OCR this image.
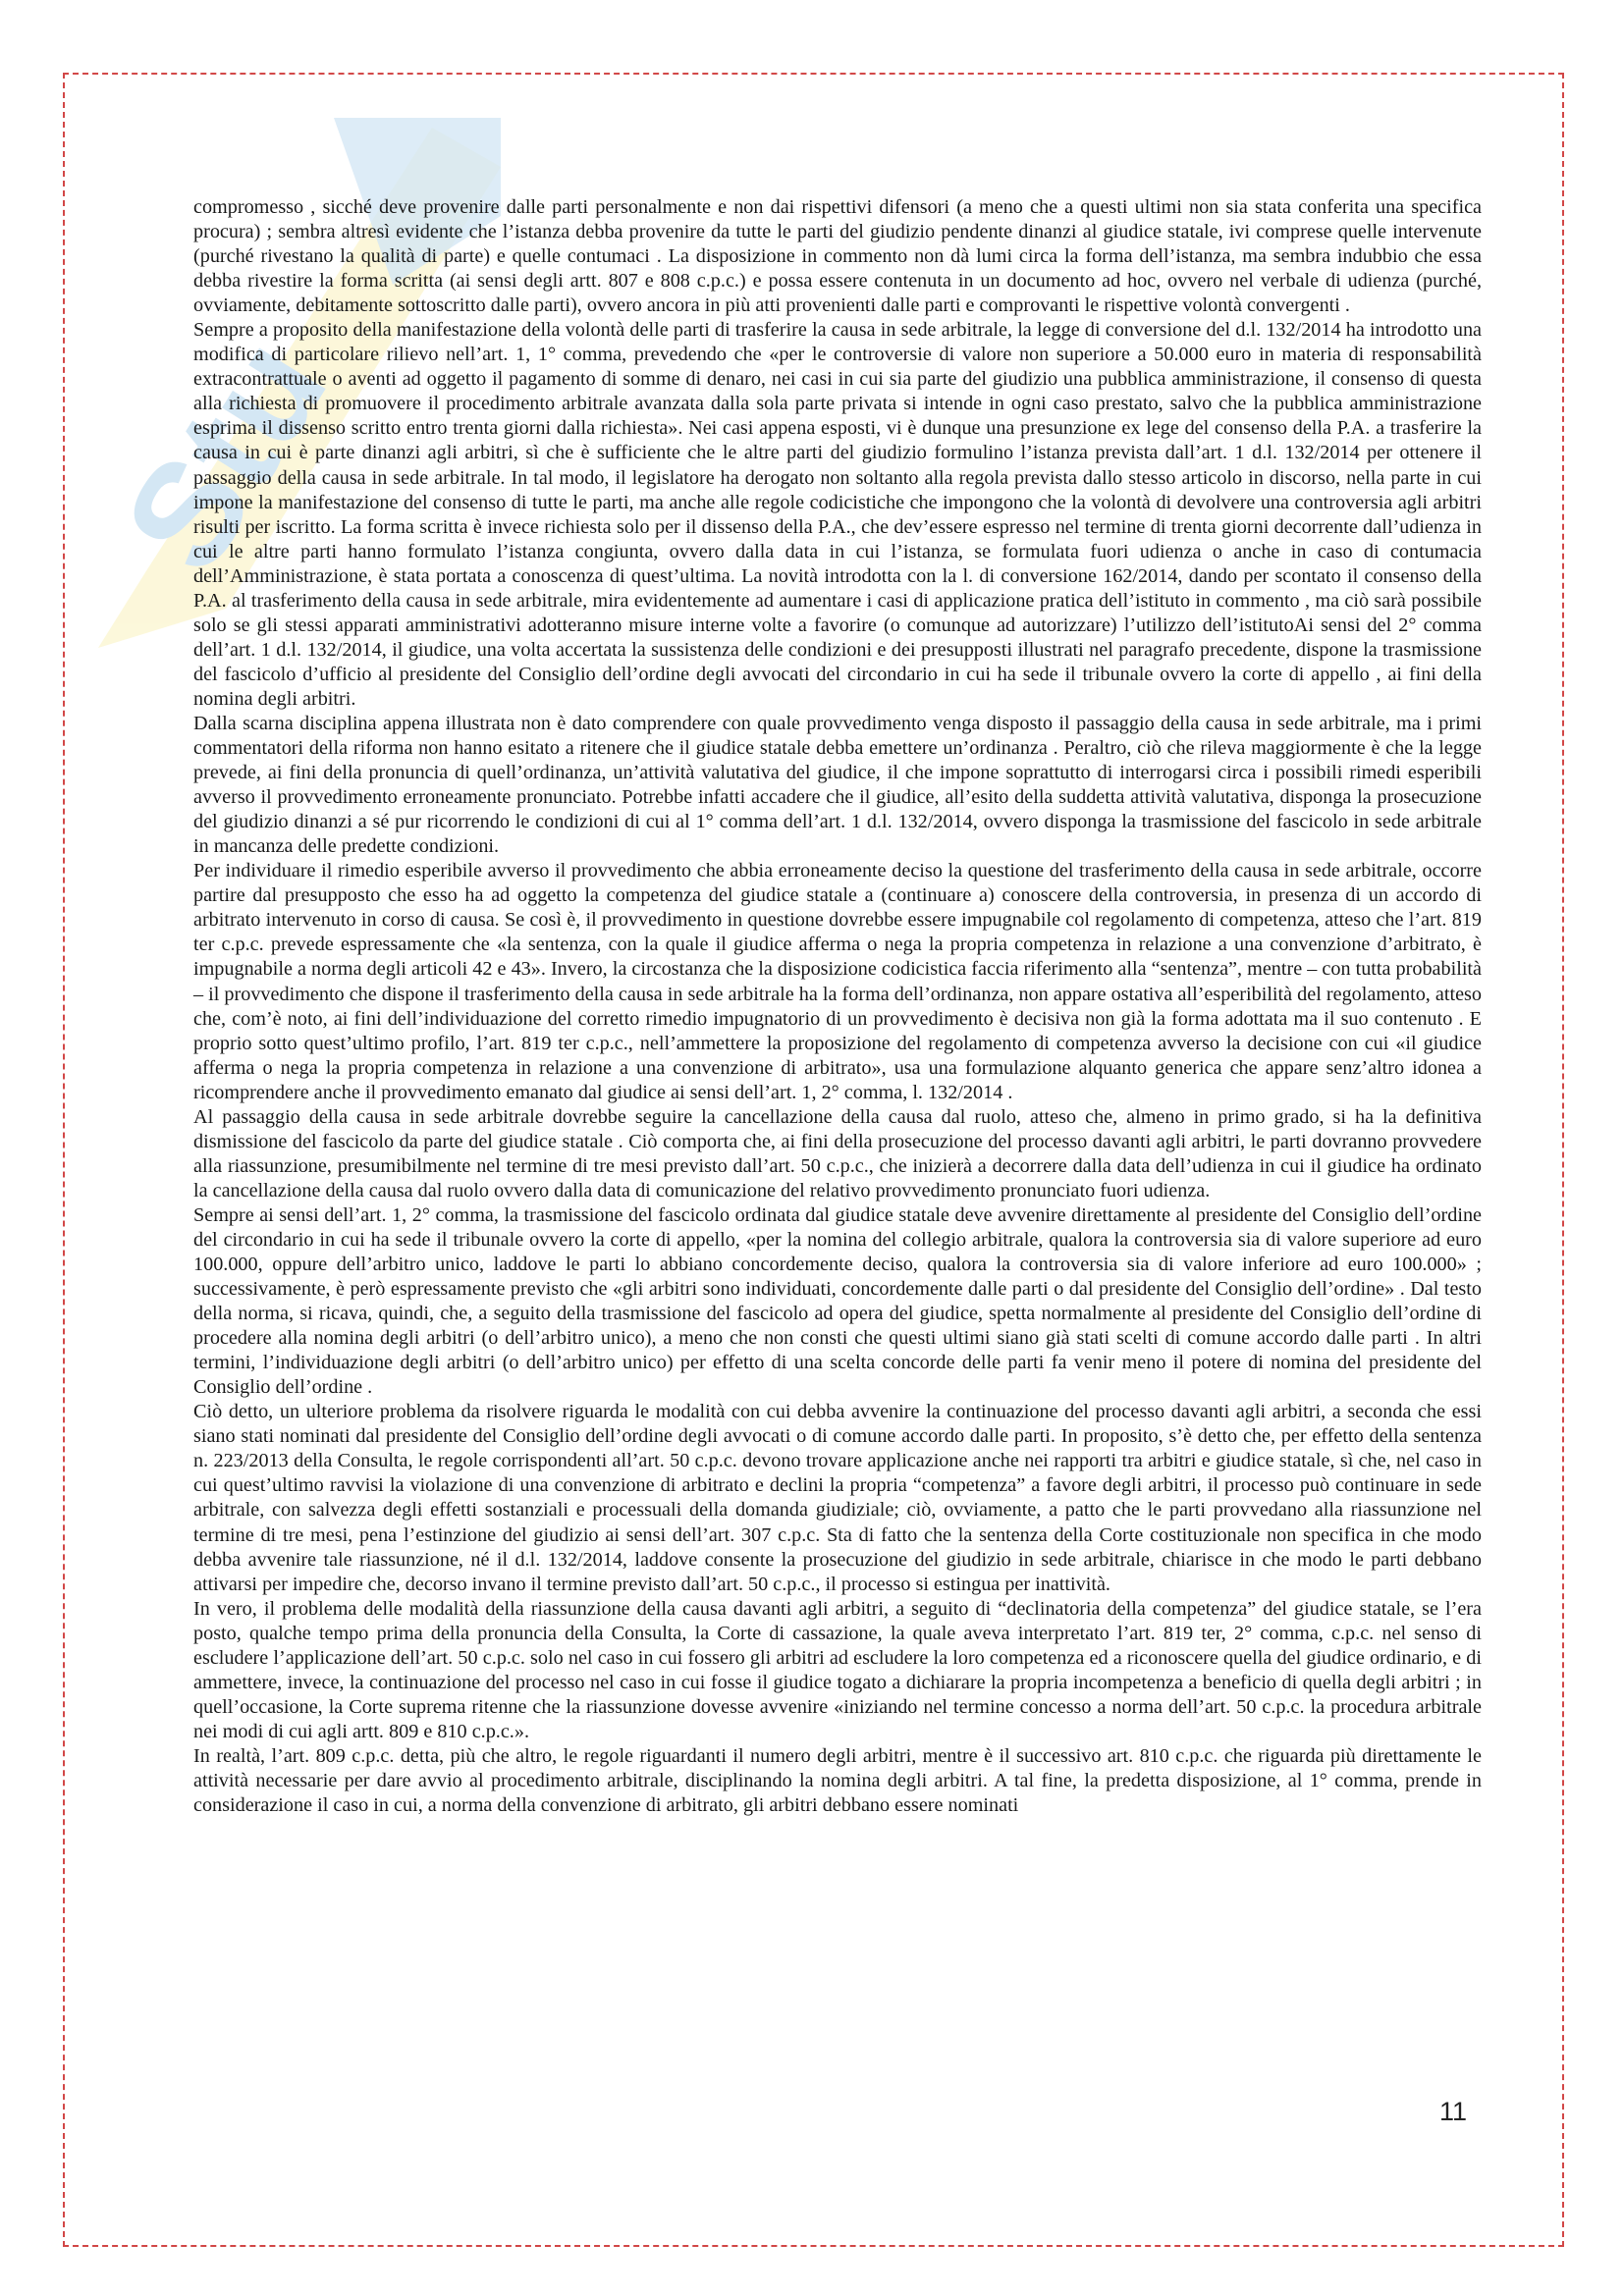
Stu

compromesso , sicché deve provenire dalle parti personalmente e non dai rispettivi difensori (a meno che a questi ultimi non sia stata conferita una specifica procura) ; sembra altresì evidente che l’istanza debba provenire da tutte le parti del giudizio pendente dinanzi al giudice statale, ivi comprese quelle intervenute (purché rivestano la qualità di parte) e quelle contumaci . La disposizione in commento non dà lumi circa la forma dell’istanza, ma sembra indubbio che essa debba rivestire la forma scritta (ai sensi degli artt. 807 e 808 c.p.c.) e possa essere contenuta in un documento ad hoc, ovvero nel verbale di udienza (purché, ovviamente, debitamente sottoscritto dalle parti), ovvero ancora in più atti provenienti dalle parti e comprovanti le rispettive volontà convergenti .

Sempre a proposito della manifestazione della volontà delle parti di trasferire la causa in sede arbitrale, la legge di conversione del d.l. 132/2014 ha introdotto una modifica di particolare rilievo nell’art. 1, 1° comma, prevedendo che «per le controversie di valore non superiore a 50.000 euro in materia di responsabilità extracontrattuale o aventi ad oggetto il pagamento di somme di denaro, nei casi in cui sia parte del giudizio una pubblica amministrazione, il consenso di questa alla richiesta di promuovere il procedimento arbitrale avanzata dalla sola parte privata si intende in ogni caso prestato, salvo che la pubblica amministrazione esprima il dissenso scritto entro trenta giorni dalla richiesta». Nei casi appena esposti, vi è dunque una presunzione ex lege del consenso della P.A. a trasferire la causa in cui è parte dinanzi agli arbitri, sì che è sufficiente che le altre parti del giudizio formulino l’istanza prevista dall’art. 1 d.l. 132/2014 per ottenere il passaggio della causa in sede arbitrale. In tal modo, il legislatore ha derogato non soltanto alla regola prevista dallo stesso articolo in discorso, nella parte in cui impone la manifestazione del consenso di tutte le parti, ma anche alle regole codicistiche che impongono che la volontà di devolvere una controversia agli arbitri risulti per iscritto. La forma scritta è invece richiesta solo per il dissenso della P.A., che dev’essere espresso nel termine di trenta giorni decorrente dall’udienza in cui le altre parti hanno formulato l’istanza congiunta, ovvero dalla data in cui l’istanza, se formulata fuori udienza o anche in caso di contumacia dell’Amministrazione, è stata portata a conoscenza di quest’ultima. La novità introdotta con la l. di conversione 162/2014, dando per scontato il consenso della P.A. al trasferimento della causa in sede arbitrale, mira evidentemente ad aumentare i casi di applicazione pratica dell’istituto in commento , ma ciò sarà possibile solo se gli stessi apparati amministrativi adotteranno misure interne volte a favorire (o comunque ad autorizzare) l’utilizzo dell’istitutoAi sensi del 2° comma dell’art. 1 d.l. 132/2014, il giudice, una volta accertata la sussistenza delle condizioni e dei presupposti illustrati nel paragrafo precedente, dispone la trasmissione del fascicolo d’ufficio al presidente del Consiglio dell’ordine degli avvocati del circondario in cui ha sede il tribunale ovvero la corte di appello , ai fini della nomina degli arbitri.

Dalla scarna disciplina appena illustrata non è dato comprendere con quale provvedimento venga disposto il passaggio della causa in sede arbitrale, ma i primi commentatori della riforma non hanno esitato a ritenere che il giudice statale debba emettere un’ordinanza . Peraltro, ciò che rileva maggiormente è che la legge prevede, ai fini della pronuncia di quell’ordinanza, un’attività valutativa del giudice, il che impone soprattutto di interrogarsi circa i possibili rimedi esperibili avverso il provvedimento erroneamente pronunciato. Potrebbe infatti accadere che il giudice, all’esito della suddetta attività valutativa, disponga la prosecuzione del giudizio dinanzi a sé pur ricorrendo le condizioni di cui al 1° comma dell’art. 1 d.l. 132/2014, ovvero disponga la trasmissione del fascicolo in sede arbitrale in mancanza delle predette condizioni.

Per individuare il rimedio esperibile avverso il provvedimento che abbia erroneamente deciso la questione del trasferimento della causa in sede arbitrale, occorre partire dal presupposto che esso ha ad oggetto la competenza del giudice statale a (continuare a) conoscere della controversia, in presenza di un accordo di arbitrato intervenuto in corso di causa. Se così è, il provvedimento in questione dovrebbe essere impugnabile col regolamento di competenza, atteso che l’art. 819 ter c.p.c. prevede espressamente che «la sentenza, con la quale il giudice afferma o nega la propria competenza in relazione a una convenzione d’arbitrato, è impugnabile a norma degli articoli 42 e 43». Invero, la circostanza che la disposizione codicistica faccia riferimento alla “sentenza”, mentre – con tutta probabilità – il provvedimento che dispone il trasferimento della causa in sede arbitrale ha la forma dell’ordinanza, non appare ostativa all’esperibilità del regolamento, atteso che, com’è noto, ai fini dell’individuazione del corretto rimedio impugnatorio di un provvedimento è decisiva non già la forma adottata ma il suo contenuto . E proprio sotto quest’ultimo profilo, l’art. 819 ter c.p.c., nell’ammettere la proposizione del regolamento di competenza avverso la decisione con cui «il giudice afferma o nega la propria competenza in relazione a una convenzione di arbitrato», usa una formulazione alquanto generica che appare senz’altro idonea a ricomprendere anche il provvedimento emanato dal giudice ai sensi dell’art. 1, 2° comma, l. 132/2014 .

Al passaggio della causa in sede arbitrale dovrebbe seguire la cancellazione della causa dal ruolo, atteso che, almeno in primo grado, si ha la definitiva dismissione del fascicolo da parte del giudice statale . Ciò comporta che, ai fini della prosecuzione del processo davanti agli arbitri, le parti dovranno provvedere alla riassunzione, presumibilmente nel termine di tre mesi previsto dall’art. 50 c.p.c., che inizierà a decorrere dalla data dell’udienza in cui il giudice ha ordinato la cancellazione della causa dal ruolo ovvero dalla data di comunicazione del relativo provvedimento pronunciato fuori udienza.

Sempre ai sensi dell’art. 1, 2° comma, la trasmissione del fascicolo ordinata dal giudice statale deve avvenire direttamente al presidente del Consiglio dell’ordine del circondario in cui ha sede il tribunale ovvero la corte di appello, «per la nomina del collegio arbitrale, qualora la controversia sia di valore superiore ad euro 100.000, oppure dell’arbitro unico, laddove le parti lo abbiano concordemente deciso, qualora la controversia sia di valore inferiore ad euro 100.000» ; successivamente, è però espressamente previsto che «gli arbitri sono individuati, concordemente dalle parti o dal presidente del Consiglio dell’ordine» . Dal testo della norma, si ricava, quindi, che, a seguito della trasmissione del fascicolo ad opera del giudice, spetta normalmente al presidente del Consiglio dell’ordine di procedere alla nomina degli arbitri (o dell’arbitro unico), a meno che non consti che questi ultimi siano già stati scelti di comune accordo dalle parti . In altri termini, l’individuazione degli arbitri (o dell’arbitro unico) per effetto di una scelta concorde delle parti fa venir meno il potere di nomina del presidente del Consiglio dell’ordine .

Ciò detto, un ulteriore problema da risolvere riguarda le modalità con cui debba avvenire la continuazione del processo davanti agli arbitri, a seconda che essi siano stati nominati dal presidente del Consiglio dell’ordine degli avvocati o di comune accordo dalle parti. In proposito, s’è detto che, per effetto della sentenza n. 223/2013 della Consulta, le regole corrispondenti all’art. 50 c.p.c. devono trovare applicazione anche nei rapporti tra arbitri e giudice statale, sì che, nel caso in cui quest’ultimo ravvisi la violazione di una convenzione di arbitrato e declini la propria “competenza” a favore degli arbitri, il processo può continuare in sede arbitrale, con salvezza degli effetti sostanziali e processuali della domanda giudiziale; ciò, ovviamente, a patto che le parti provvedano alla riassunzione nel termine di tre mesi, pena l’estinzione del giudizio ai sensi dell’art. 307 c.p.c. Sta di fatto che la sentenza della Corte costituzionale non specifica in che modo debba avvenire tale riassunzione, né il d.l. 132/2014, laddove consente la prosecuzione del giudizio in sede arbitrale, chiarisce in che modo le parti debbano attivarsi per impedire che, decorso invano il termine previsto dall’art. 50 c.p.c., il processo si estingua per inattività.

In vero, il problema delle modalità della riassunzione della causa davanti agli arbitri, a seguito di “declinatoria della competenza” del giudice statale, se l’era posto, qualche tempo prima della pronuncia della Consulta, la Corte di cassazione, la quale aveva interpretato l’art. 819 ter, 2° comma, c.p.c. nel senso di escludere l’applicazione dell’art. 50 c.p.c. solo nel caso in cui fossero gli arbitri ad escludere la loro competenza ed a riconoscere quella del giudice ordinario, e di ammettere, invece, la continuazione del processo nel caso in cui fosse il giudice togato a dichiarare la propria incompetenza a beneficio di quella degli arbitri ; in quell’occasione, la Corte suprema ritenne che la riassunzione dovesse avvenire «iniziando nel termine concesso a norma dell’art. 50 c.p.c. la procedura arbitrale nei modi di cui agli artt. 809 e 810 c.p.c.».

In realtà, l’art. 809 c.p.c. detta, più che altro, le regole riguardanti il numero degli arbitri, mentre è il successivo art. 810 c.p.c. che riguarda più direttamente le attività necessarie per dare avvio al procedimento arbitrale, disciplinando la nomina degli arbitri. A tal fine, la predetta disposizione, al 1° comma, prende in considerazione il caso in cui, a norma della convenzione di arbitrato, gli arbitri debbano essere nominati

11
